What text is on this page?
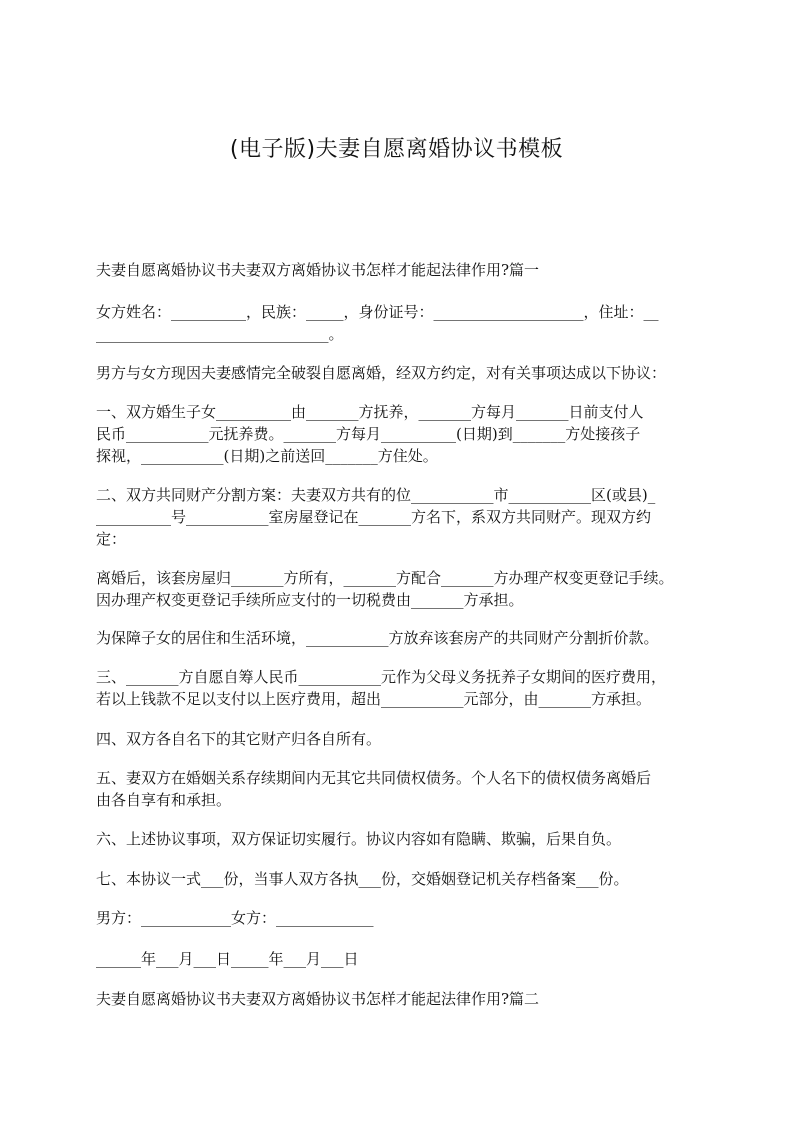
(电子版)夫妻自愿离婚协议书模板

夫妻自愿离婚协议书夫妻双方离婚协议书怎样才能起法律作用?篇一

女方姓名：__________，民族：_____，身份证号：____________________，住址：__

_______________________________。

男方与女方现因夫妻感情完全破裂自愿离婚，经双方约定，对有关事项达成以下协议：

一、双方婚生子女__________由_______方抚养，_______方每月_______日前支付人

民币___________元抚养费。_______方每月__________(日期)到_______方处接孩子

探视，___________(日期)之前送回_______方住处。

二、双方共同财产分割方案：夫妻双方共有的位___________市___________区(或县)_

__________号___________室房屋登记在_______方名下，系双方共同财产。现双方约

定：

离婚后，该套房屋归_______方所有，_______方配合_______方办理产权变更登记手续。

因办理产权变更登记手续所应支付的一切税费由_______方承担。

为保障子女的居住和生活环境，___________方放弃该套房产的共同财产分割折价款。

三、_______方自愿自筹人民币___________元作为父母义务抚养子女期间的医疗费用，

若以上钱款不足以支付以上医疗费用，超出___________元部分，由_______方承担。

四、双方各自名下的其它财产归各自所有。

五、妻双方在婚姻关系存续期间内无其它共同债权债务。个人名下的债权债务离婚后

由各自享有和承担。

六、上述协议事项，双方保证切实履行。协议内容如有隐瞒、欺骗，后果自负。

七、本协议一式___份，当事人双方各执___份，交婚姻登记机关存档备案___份。

男方：____________女方：_____________

______年___月___日_____年___月___日

夫妻自愿离婚协议书夫妻双方离婚协议书怎样才能起法律作用?篇二
